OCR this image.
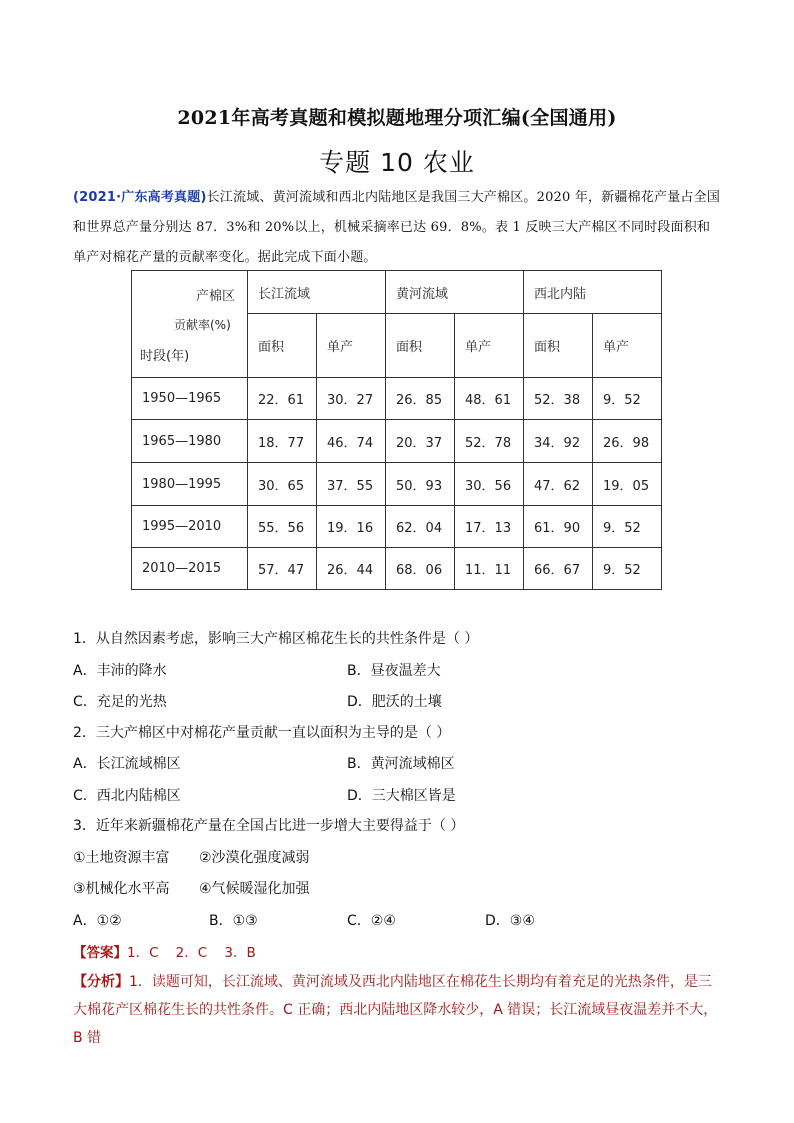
2021年高考真题和模拟题地理分项汇编(全国通用)
专题 10 农业
(2021·广东高考真题)长江流域、黄河流域和西北内陆地区是我国三大产棉区。2020 年，新疆棉花产量占全国和世界总产量分别达 87．3%和 20%以上，机械采摘率已达 69．8%。表 1 反映三大产棉区不同时段面积和单产对棉花产量的贡献率变化。据此完成下面小题。
产棉区
贡献率(%)
时段(年)	长江流域		黄河流域		西北内陆	
	面积	单产	面积	单产	面积	单产
1950—1965	22．61	30．27	26．85	48．61	52．38	9．52
1965—1980	18．77	46．74	20．37	52．78	34．92	26．98
1980—1995	30．65	37．55	50．93	30．56	47．62	19．05
1995—2010	55．56	19．16	62．04	17．13	61．90	9．52
2010—2015	57．47	26．44	68．06	11．11	66．67	9．52
1．从自然因素考虑，影响三大产棉区棉花生长的共性条件是（ ）
A．丰沛的降水	B．昼夜温差大
C．充足的光热	D．肥沃的土壤
2．三大产棉区中对棉花产量贡献一直以面积为主导的是（ ）
A．长江流域棉区	B．黄河流域棉区
C．西北内陆棉区	D．三大棉区皆是
3．近年来新疆棉花产量在全国占比进一步增大主要得益于（ ）
①土地资源丰富 ②沙漠化强度减弱
③机械化水平高 ④气候暖湿化加强
A．①②	B．①③	C．②④	D．③④
【答案】1．C    2．C    3．B
【分析】1．读题可知，长江流域、黄河流域及西北内陆地区在棉花生长期均有着充足的光热条件，是三大棉花产区棉花生长的共性条件。C 正确；西北内陆地区降水较少，A 错误；长江流域昼夜温差并不大，B 错
